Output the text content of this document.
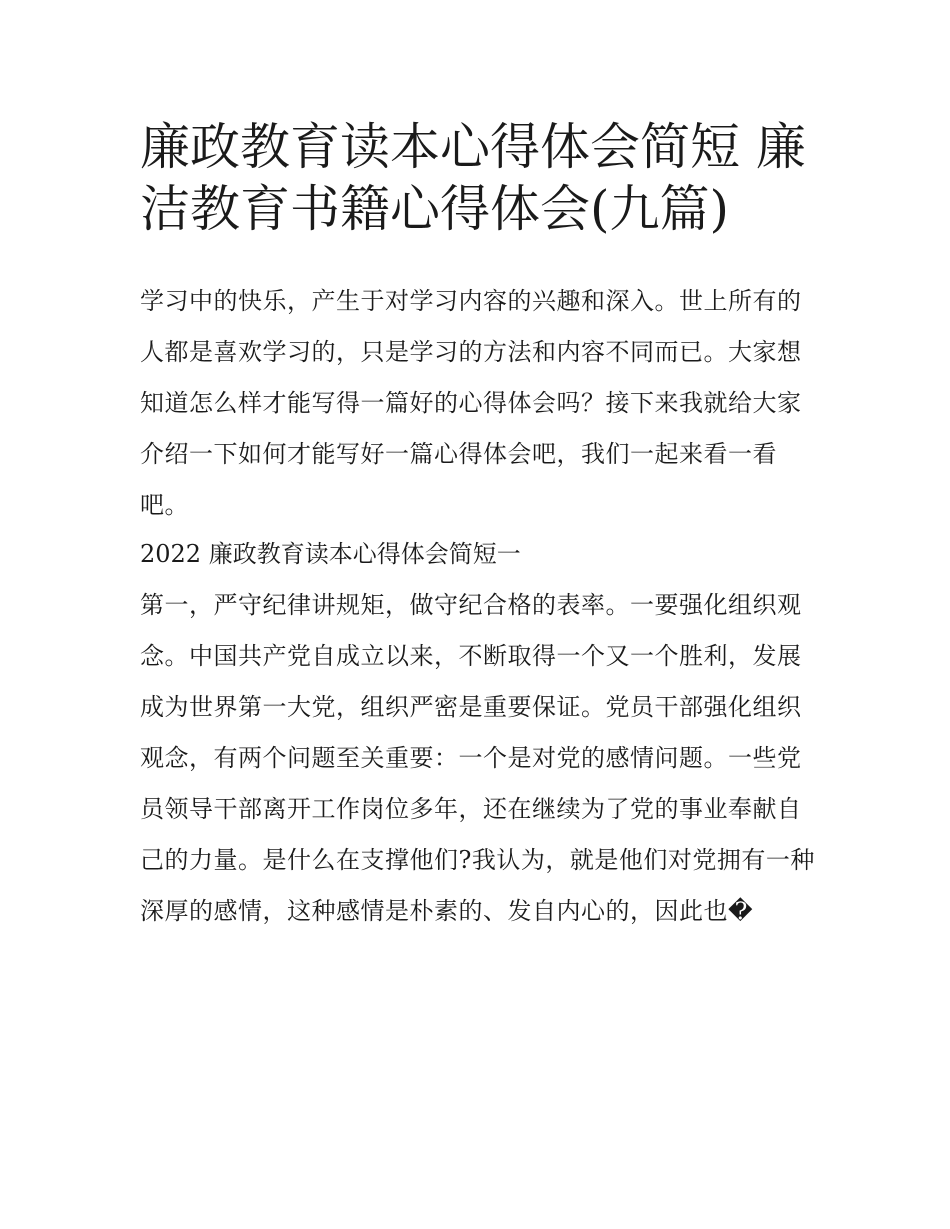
廉政教育读本心得体会简短 廉洁教育书籍心得体会(九篇)

学习中的快乐，产生于对学习内容的兴趣和深入。世上所有的人都是喜欢学习的，只是学习的方法和内容不同而已。大家想知道怎么样才能写得一篇好的心得体会吗？接下来我就给大家介绍一下如何才能写好一篇心得体会吧，我们一起来看一看吧。

2022 廉政教育读本心得体会简短一

第一，严守纪律讲规矩，做守纪合格的表率。一要强化组织观念。中国共产党自成立以来，不断取得一个又一个胜利，发展成为世界第一大党，组织严密是重要保证。党员干部强化组织观念，有两个问题至关重要：一个是对党的感情问题。一些党员领导干部离开工作岗位多年，还在继续为了党的事业奉献自己的力量。是什么在支撑他们?我认为，就是他们对党拥有一种深厚的感情，这种感情是朴素的、发自内心的，因此也�
